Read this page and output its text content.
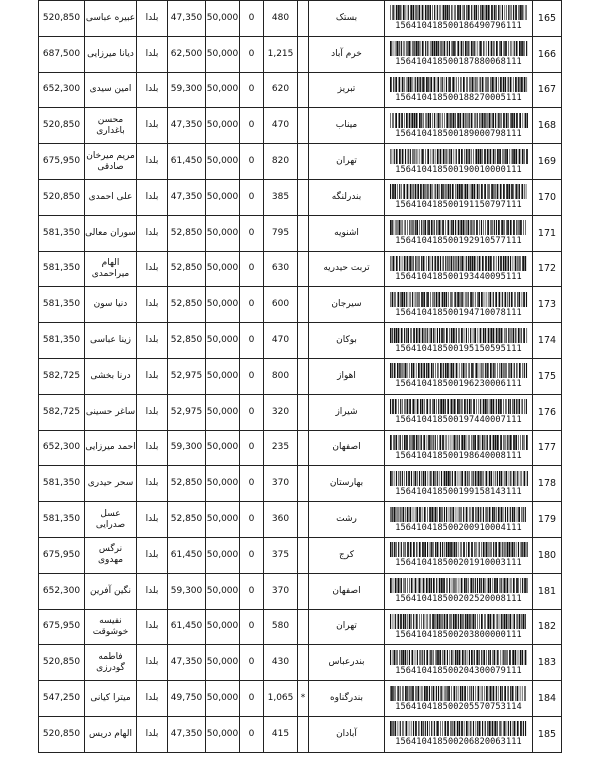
520,850	عبیره عباسی	بلدا	47,350	50,000	0	480		بستک	156410418500186490796111	165
687,500	دیانا میرزایی	بلدا	62,500	50,000	0	1,215		خرم آباد	156410418500187880068111	166
652,300	امین سیدی	بلدا	59,300	50,000	0	620		تبریز	156410418500188270005111	167
520,850	محسن باغداری	بلدا	47,350	50,000	0	470		میناب	156410418500189000798111	168
675,950	مریم میرخان صادقی	بلدا	61,450	50,000	0	820		تهران	156410418500190010000111	169
520,850	علی احمدی	بلدا	47,350	50,000	0	385		بندرلنگه	156410418500191150797111	170
581,350	سوران معالی	بلدا	52,850	50,000	0	795		اشنویه	156410418500192910577111	171
581,350	الهام میراحمدی	بلدا	52,850	50,000	0	630		تربت حیدریه	156410418500193440095111	172
581,350	دنیا سون	بلدا	52,850	50,000	0	600		سیرجان	156410418500194710078111	173
581,350	زینا عباسی	بلدا	52,850	50,000	0	470		بوکان	156410418500195150595111	174
582,725	درنا بخشی	بلدا	52,975	50,000	0	800		اهواز	156410418500196230006111	175
582,725	ساغر حسینی	بلدا	52,975	50,000	0	320		شیراز	156410418500197440007111	176
652,300	احمد میرزایی	بلدا	59,300	50,000	0	235		اصفهان	156410418500198640008111	177
581,350	سحر حیدری	بلدا	52,850	50,000	0	370		بهارستان	156410418500199158143111	178
581,350	عسل صدرایی	بلدا	52,850	50,000	0	360		رشت	156410418500200910004111	179
675,950	نرگس مهدوی	بلدا	61,450	50,000	0	375		کرج	156410418500201910003111	180
652,300	نگین آفرین	بلدا	59,300	50,000	0	370		اصفهان	156410418500202520008111	181
675,950	نفیسه خوشوقت	بلدا	61,450	50,000	0	580		تهران	156410418500203800000111	182
520,850	فاطمه گودرزی	بلدا	47,350	50,000	0	430		بندرعباس	156410418500204300079111	183
547,250	میترا کیانی	بلدا	49,750	50,000	0	1,065	*	بندرگناوه	156410418500205570753114	184
520,850	الهام دریس	بلدا	47,350	50,000	0	415		آبادان	156410418500206820063111	185
